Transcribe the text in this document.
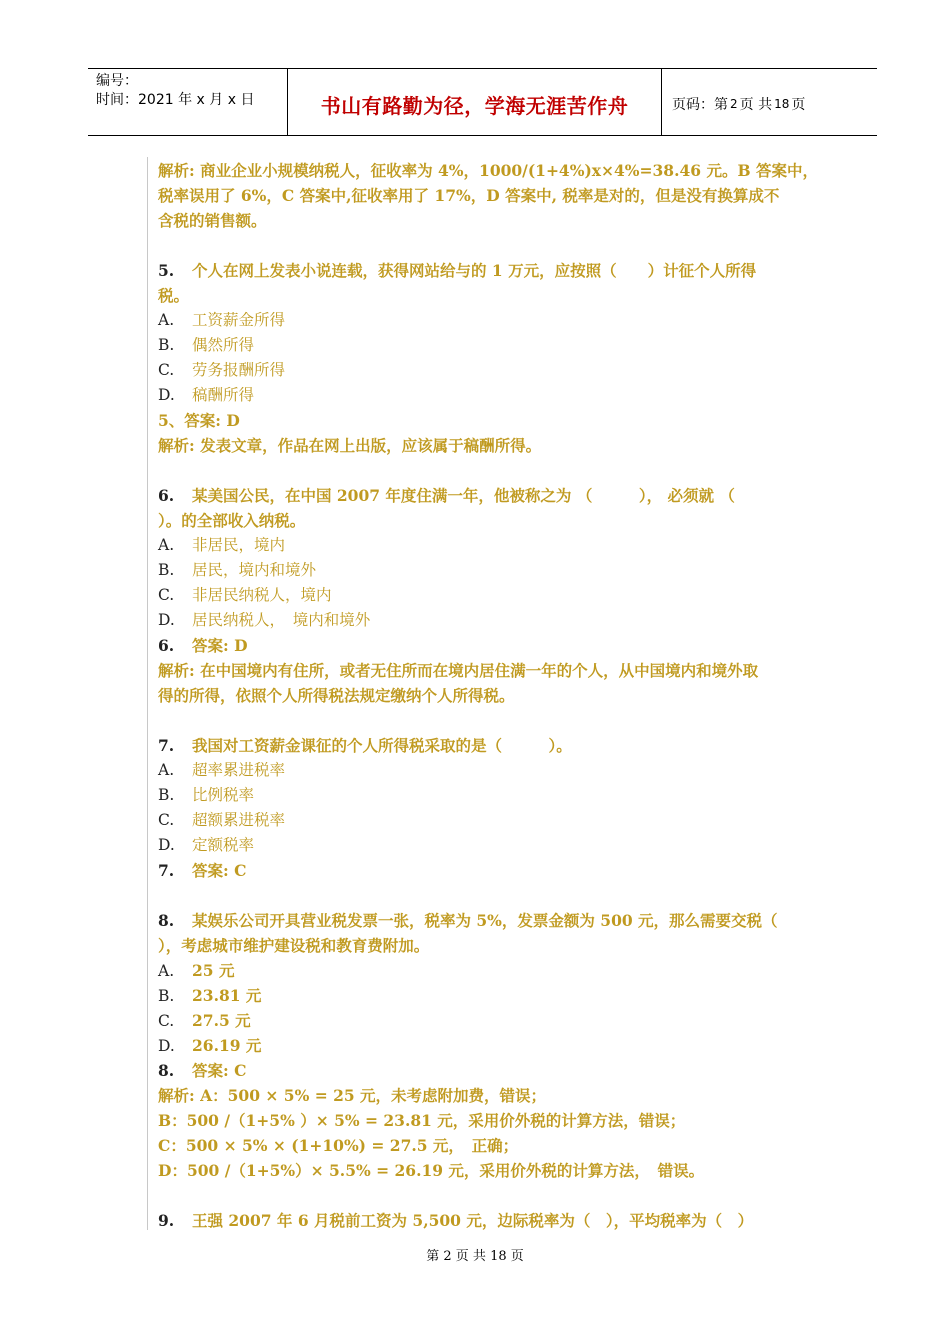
编号：
时间：2021 年 x 月 x 日	书山有路勤为径，学海无涯苦作舟	页码：第 2 页 共 18 页
解析: 商业企业小规模纳税人，征收率为 4%，1000/(1+4%)x×4%=38.46 元。B 答案中，
税率误用了 6%，C 答案中,征收率用了 17%，D 答案中, 税率是对的，但是没有换算成不
含税的销售额。
5. 个人在网上发表小说连载，获得网站给与的 1 万元，应按照（　　）计征个人所得
税。
A. 工资薪金所得
B. 偶然所得
C. 劳务报酬所得
D. 稿酬所得
5、答案: D
解析: 发表文章，作品在网上出版，应该属于稿酬所得。
6. 某美国公民，在中国 2007 年度住满一年，他被称之为 （　　　）， 必须就 （
）。的全部收入纳税。
A. 非居民，境内
B. 居民，境内和境外
C. 非居民纳税人，境内
D. 居民纳税人，　境内和境外
6. 答案: D
解析: 在中国境内有住所，或者无住所而在境内居住满一年的个人，从中国境内和境外取
得的所得，依照个人所得税法规定缴纳个人所得税。
7. 我国对工资薪金课征的个人所得税采取的是（　　　）。
A. 超率累进税率
B. 比例税率
C. 超额累进税率
D. 定额税率
7. 答案: C
8. 某娱乐公司开具营业税发票一张，税率为 5%，发票金额为 500 元，那么需要交税（
），考虑城市维护建设税和教育费附加。
A. 25 元
B. 23.81 元
C. 27.5 元
D. 26.19 元
8. 答案: C
解析: A：500 × 5% = 25 元，未考虑附加费，错误；
B：500 /（1+5% ）× 5% = 23.81 元，采用价外税的计算方法，错误；
C：500 × 5% × (1+10%) = 27.5 元，　正确；
D：500 /（1+5%）× 5.5% = 26.19 元，采用价外税的计算方法，　错误。
9. 王强 2007 年 6 月税前工资为 5,500 元，边际税率为（　），平均税率为（　）
第 2 页 共 18 页
